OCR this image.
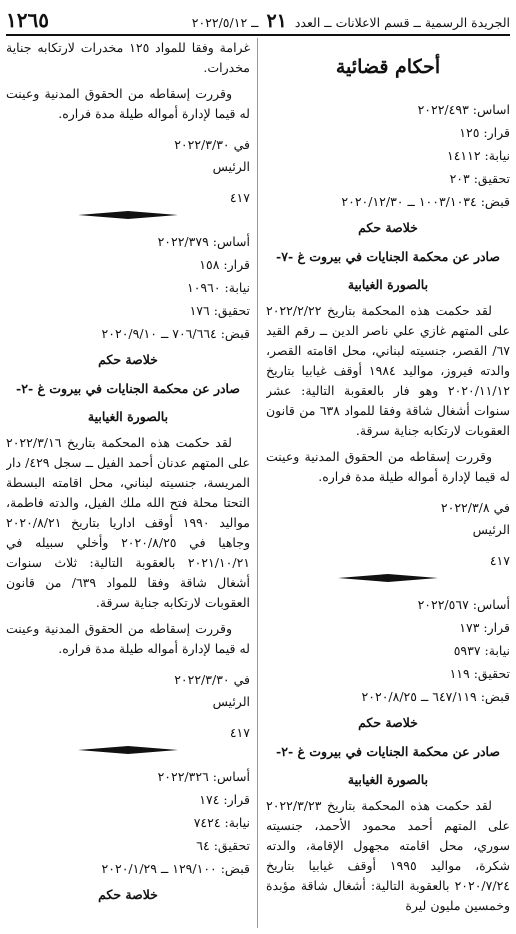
الجريدة الرسمية ــ قسم الاعلانات ــ العدد ٢١ ــ ٢٠٢٢/٥/١٢
١٢٦٥
أحكام قضائية
اساس: ٢٠٢٢/٤٩٣
قرار: ١٢٥
نيابة: ١٤١١٢
تحقيق: ٢٠٣
قبض: ١٠٠٣/١٠٣٤ ــ ٢٠٢٠/١٢/٣٠
خلاصة حكم
صادر عن محكمة الجنايات في بيروت غ -٧-
بالصورة الغيابية

لقد حكمت هذه المحكمة بتاريخ ٢٠٢٢/٢/٢٢ على المتهم غازي علي ناصر الدين ــ رقم القيد ٦٧/ القصر، جنسيته لبناني، محل اقامته القصر، والدته فيروز، مواليد ١٩٨٤ أوقف غيابيا بتاريخ ٢٠٢٠/١١/١٢ وهو فار بالعقوبة التالية: عشر سنوات أشغال شاقة وفقا للمواد ٦٣٨ من قانون العقوبات لارتكابه جناية سرقة.

وقررت إسقاطه من الحقوق المدنية وعينت له قيما لإدارة أمواله طيلة مدة فراره.

في ٢٠٢٢/٣/٨
الرئيس
٤١٧
أساس: ٢٠٢٢/٥٦٧
قرار: ١٧٣
نيابة: ٥٩٣٧
تحقيق: ١١٩
قبض: ٦٤٧/١١٩ ــ ٢٠٢٠/٨/٢٥
خلاصة حكم
صادر عن محكمة الجنايات في بيروت غ -٢-
بالصورة الغيابية

لقد حكمت هذه المحكمة بتاريخ ٢٠٢٢/٣/٢٣ على المتهم أحمد محمود الأحمد، جنسيته سوري، محل اقامته مجهول الإقامة، والدته شكرة، مواليد ١٩٩٥ أوقف غيابيا بتاريخ ٢٠٢٠/٧/٢٤ بالعقوبة التالية: أشغال شاقة مؤبدة وخمسين مليون ليرة

غرامة وفقا للمواد ١٢٥ مخدرات لارتكابه جناية مخدرات.

وقررت إسقاطه من الحقوق المدنية وعينت له قيما لإدارة أمواله طيلة مدة فراره.

في ٢٠٢٢/٣/٣٠
الرئيس
٤١٧
أساس: ٢٠٢٢/٣٧٩
قرار: ١٥٨
نيابة: ١٠٩٦٠
تحقيق: ١٧٦
قبض: ٧٠٦/٦٦٤ ــ ٢٠٢٠/٩/١٠
خلاصة حكم
صادر عن محكمة الجنايات في بيروت غ -٢-
بالصورة الغيابية

لقد حكمت هذه المحكمة بتاريخ ٢٠٢٢/٣/١٦ على المتهم عدنان أحمد الفيل ــ سجل ٤٢٩/ دار المريسة، جنسيته لبناني، محل اقامته البسطة التحتا محلة فتح الله ملك الفيل، والدته فاطمة، مواليد ١٩٩٠ أوقف اداريا بتاريخ ٢٠٢٠/٨/٢١ وجاهيا في ٢٠٢٠/٨/٢٥ وأخلي سبيله في ٢٠٢١/١٠/٢١ بالعقوبة التالية: ثلاث سنوات أشغال شاقة وفقا للمواد ٦٣٩/ من قانون العقوبات لارتكابه جناية سرقة.

وقررت إسقاطه من الحقوق المدنية وعينت له قيما لإدارة أمواله طيلة مدة فراره.

في ٢٠٢٢/٣/٣٠
الرئيس
٤١٧
أساس: ٢٠٢٢/٣٢٦
قرار: ١٧٤
نيابة: ٧٤٢٤
تحقيق: ٦٤
قبض: ١٢٩/١٠٠ ــ ٢٠٢٠/١/٢٩
خلاصة حكم
